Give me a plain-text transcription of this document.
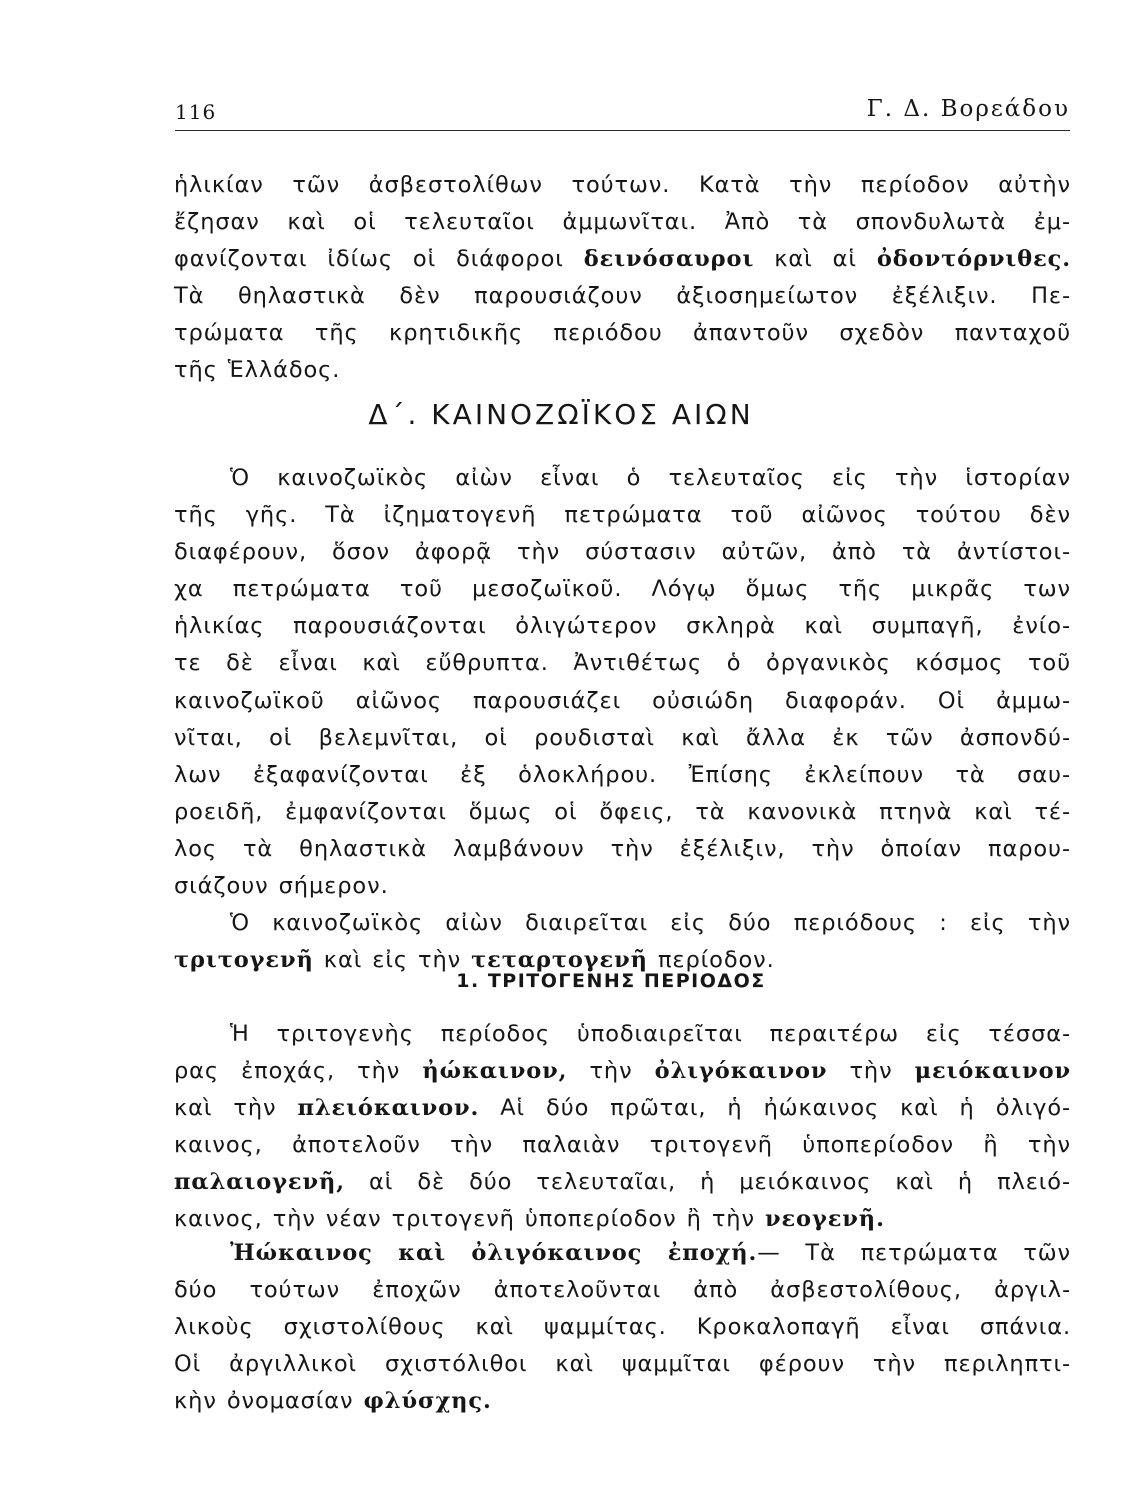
116	Γ. Δ. Βορεάδου
ἡλικίαν τῶν ἀσβεστολίθων τούτων. Κατὰ τὴν περίοδον αὐτὴν
ἔζησαν καὶ οἱ τελευταῖοι ἀμμωνῖται. Ἀπὸ τὰ σπονδυλωτὰ ἐμ-
φανίζονται ἰδίως οἱ διάφοροι δεινόσαυροι καὶ αἱ ὀδοντόρνιθες.
Τὰ θηλαστικὰ δὲν παρουσιάζουν ἀξιοσημείωτον ἐξέλιξιν. Πε-
τρώματα τῆς κρητιδικῆς περιόδου ἀπαντοῦν σχεδὸν πανταχοῦ
τῆς Ἑλλάδος.
Δ΄. ΚΑΙΝΟΖΩΪΚΟΣ ΑΙΩΝ
Ὁ καινοζωϊκὸς αἰὼν εἶναι ὁ τελευταῖος εἰς τὴν ἱστορίαν
τῆς γῆς. Τὰ ἰζηματογενῆ πετρώματα τοῦ αἰῶνος τούτου δὲν
διαφέρουν, ὅσον ἀφορᾷ τὴν σύστασιν αὐτῶν, ἀπὸ τὰ ἀντίστοι-
χα πετρώματα τοῦ μεσοζωϊκοῦ. Λόγῳ ὅμως τῆς μικρᾶς των
ἡλικίας παρουσιάζονται ὀλιγώτερον σκληρὰ καὶ συμπαγῆ, ἐνίο-
τε δὲ εἶναι καὶ εὔθρυπτα. Ἀντιθέτως ὁ ὀργανικὸς κόσμος τοῦ
καινοζωϊκοῦ αἰῶνος παρουσιάζει οὐσιώδη διαφοράν. Οἱ ἀμμω-
νῖται, οἱ βελεμνῖται, οἱ ρουδισταὶ καὶ ἄλλα ἐκ τῶν ἀσπονδύ-
λων ἐξαφανίζονται ἐξ ὁλοκλήρου. Ἐπίσης ἐκλείπουν τὰ σαυ-
ροειδῆ, ἐμφανίζονται ὅμως οἱ ὄφεις, τὰ κανονικὰ πτηνὰ καὶ τέ-
λος τὰ θηλαστικὰ λαμβάνουν τὴν ἐξέλιξιν, τὴν ὁποίαν παρου-
σιάζουν σήμερον.
Ὁ καινοζωϊκὸς αἰὼν διαιρεῖται εἰς δύο περιόδους : εἰς τὴν
τριτογενῆ καὶ εἰς τὴν τεταρτογενῆ περίοδον.
1. ΤΡΙΤΟΓΕΝΗΣ ΠΕΡΙΟΔΟΣ
Ἡ τριτογενὴς περίοδος ὑποδιαιρεῖται περαιτέρω εἰς τέσσα-
ρας ἐποχάς, τὴν ἠώκαινον, τὴν ὀλιγόκαινον τὴν μειόκαινον
καὶ τὴν πλειόκαινον. Αἱ δύο πρῶται, ἡ ἠώκαινος καὶ ἡ ὀλιγό-
καινος, ἀποτελοῦν τὴν παλαιὰν τριτογενῆ ὑποπερίοδον ἢ τὴν
παλαιογενῆ, αἱ δὲ δύο τελευταῖαι, ἡ μειόκαινος καὶ ἡ πλειό-
καινος, τὴν νέαν τριτογενῆ ὑποπερίοδον ἢ τὴν νεογενῆ.
Ἠώκαινος καὶ ὀλιγόκαινος ἐποχή.— Τὰ πετρώματα τῶν
δύο τούτων ἐποχῶν ἀποτελοῦνται ἀπὸ ἀσβεστολίθους, ἀργιλ-
λικοὺς σχιστολίθους καὶ ψαμμίτας. Κροκαλοπαγῆ εἶναι σπάνια.
Οἱ ἀργιλλικοὶ σχιστόλιθοι καὶ ψαμμῖται φέρουν τὴν περιληπτι-
κὴν ὀνομασίαν φλύσχης.
